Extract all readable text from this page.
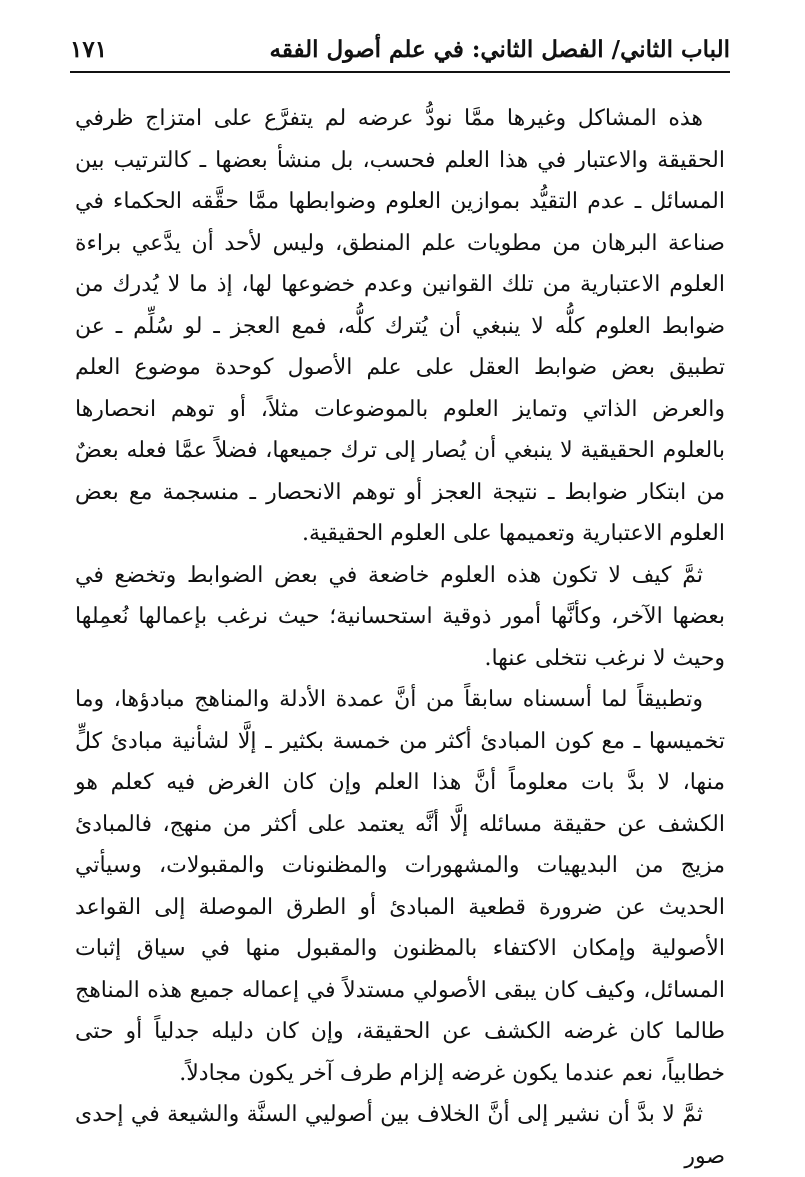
الباب الثاني/ الفصل الثاني: في علم أصول الفقه
١٧١

هذه المشاكل وغيرها ممَّا نودُّ عرضه لم يتفرَّع على امتزاج ظرفي الحقيقة والاعتبار في هذا العلم فحسب، بل منشأ بعضها ـ كالترتيب بين المسائل ـ عدم التقيُّد بموازين العلوم وضوابطها ممَّا حقَّقه الحكماء في صناعة البرهان من مطويات علم المنطق، وليس لأحد أن يدَّعي براءة العلوم الاعتبارية من تلك القوانين وعدم خضوعها لها، إذ ما لا يُدرك من ضوابط العلوم كلُّه لا ينبغي أن يُترك كلُّه، فمع العجز ـ لو سُلِّم ـ عن تطبيق بعض ضوابط العقل على علم الأصول كوحدة موضوع العلم والعرض الذاتي وتمايز العلوم بالموضوعات مثلاً، أو توهم انحصارها بالعلوم الحقيقية لا ينبغي أن يُصار إلى ترك جميعها، فضلاً عمَّا فعله بعضٌ من ابتكار ضوابط ـ نتيجة العجز أو توهم الانحصار ـ منسجمة مع بعض العلوم الاعتبارية وتعميمها على العلوم الحقيقية.

ثمَّ كيف لا تكون هذه العلوم خاضعة في بعض الضوابط وتخضع في بعضها الآخر، وكأنَّها أمور ذوقية استحسانية؛ حيث نرغب بإعمالها نُعمِلها وحيث لا نرغب نتخلى عنها.

وتطبيقاً لما أسسناه سابقاً من أنَّ عمدة الأدلة والمناهج مبادؤها، وما تخميسها ـ مع كون المبادئ أكثر من خمسة بكثير ـ إلَّا لشأنية مبادئ كلٍّ منها، لا بدَّ بات معلوماً أنَّ هذا العلم وإن كان الغرض فيه كعلم هو الكشف عن حقيقة مسائله إلَّا أنَّه يعتمد على أكثر من منهج، فالمبادئ مزيج من البديهيات والمشهورات والمظنونات والمقبولات، وسيأتي الحديث عن ضرورة قطعية المبادئ أو الطرق الموصلة إلى القواعد الأصولية وإمكان الاكتفاء بالمظنون والمقبول منها في سياق إثبات المسائل، وكيف كان يبقى الأصولي مستدلاً في إعماله جميع هذه المناهج طالما كان غرضه الكشف عن الحقيقة، وإن كان دليله جدلياً أو حتى خطابياً، نعم عندما يكون غرضه إلزام طرف آخر يكون مجادلاً.

ثمَّ لا بدَّ أن نشير إلى أنَّ الخلاف بين أصوليي السنَّة والشيعة في إحدى صور
